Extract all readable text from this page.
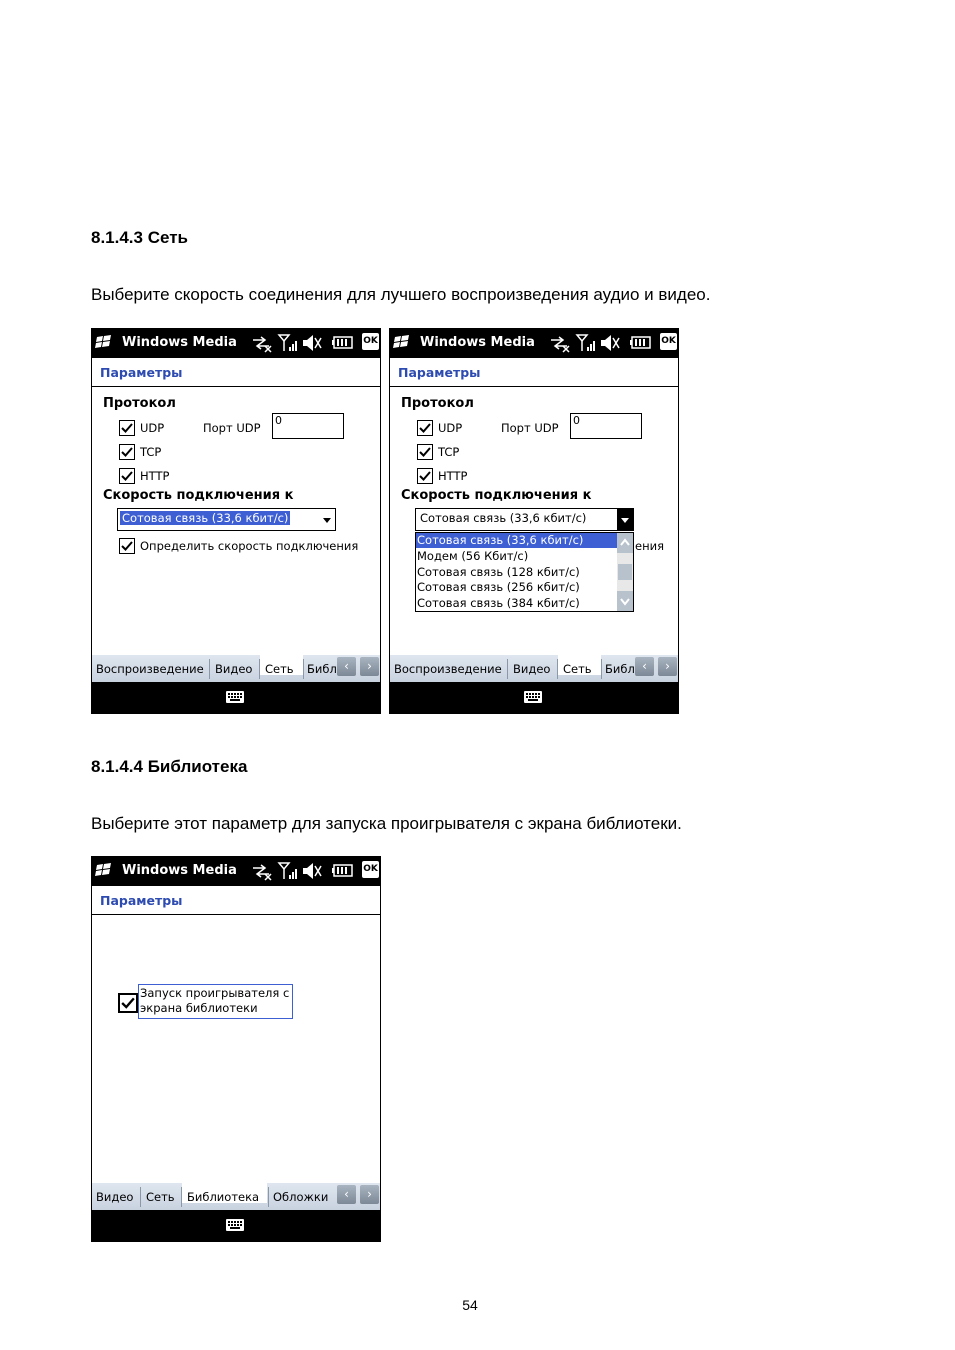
8.1.4.3 Сеть
Выберите скорость соединения для лучшего воспроизведения аудио и видео.
Windows Media	OK
Параметры
Протокол
UDP	Порт UDP
0
TCP
HTTP
Скорость подключения к
Сотовая связь (33,6 кбит/с)
Определить скорость подключения
Воспроизведение Видео	Сеть	Библ ‹	›
Windows Media	OK
Параметры
Протокол
UDP	Порт UDP
0
TCP
HTTP
Скорость подключения к
Сотовая связь (33,6 кбит/с)
ения
Сотовая связь (33,6 кбит/с)
Модем (56 Кбит/с)
Сотовая связь (128 кбит/с)
Сотовая связь (256 кбит/с)
Сотовая связь (384 кбит/с)
Воспроизведение Видео	Сеть	Библ ‹	›
8.1.4.4 Библиотека
Выберите этот параметр для запуска проигрывателя с экрана библиотеки.
Windows Media	OK
Параметры
Запуск проигрывателя с
экрана библиотеки
Видео Сеть	Библиотека	Обложки	‹	›
54
